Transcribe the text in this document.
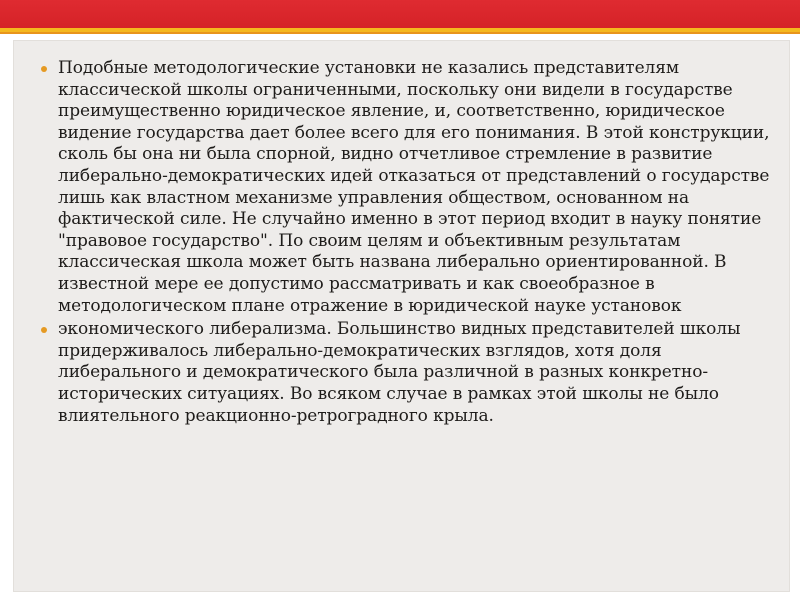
Подобные методологические установки не казались представителям классической школы ограниченными, поскольку они видели в государстве преимущественно юридическое явление, и, соответственно, юридическое видение государства дает более всего для его понимания. В этой конструкции, сколь бы она ни была спорной, видно отчетливое стремление в развитие либерально-демократических идей отказаться от представлений о государстве лишь как властном механизме управления обществом, основанном на фактической силе. Не случайно именно в этот период входит в науку понятие "правовое государство". По своим целям и объективным результатам классическая школа может быть названа либерально ориентированной. В известной мере ее допустимо рассматривать и как своеобразное в методологическом плане отражение в юридической науке установок
экономического либерализма. Большинство видных представителей школы придерживалось либерально-демократических взглядов, хотя доля либерального и демократического была различной в разных конкретно-исторических ситуациях. Во всяком случае в рамках этой школы не было влиятельного реакционно-ретроградного крыла.
